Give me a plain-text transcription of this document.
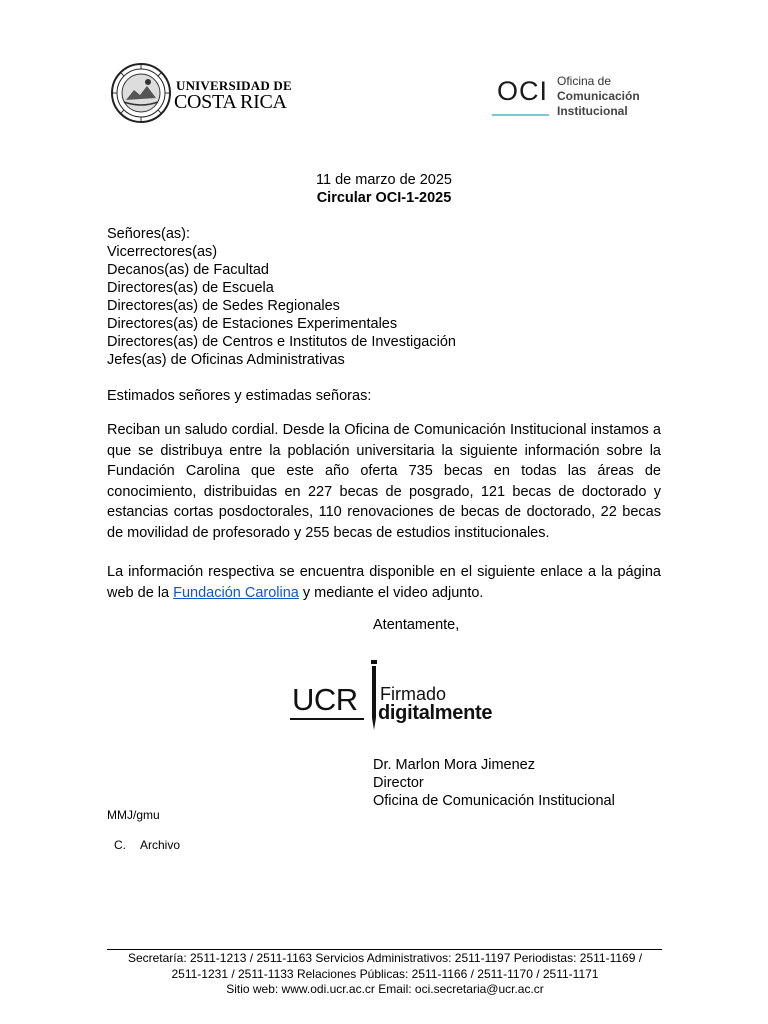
UNIVERSIDAD DE
COSTA RICA	OCI Oficina de
Comunicación
Institucional
11 de marzo de 2025
Circular OCI-1-2025
Señores(as):
Vicerrectores(as)
Decanos(as) de Facultad
Directores(as) de Escuela
Directores(as) de Sedes Regionales
Directores(as) de Estaciones Experimentales
Directores(as) de Centros e Institutos de Investigación
Jefes(as) de Oficinas Administrativas
Estimados señores y estimadas señoras:
Reciban un saludo cordial. Desde la Oficina de Comunicación Institucional instamos a que se distribuya entre la población universitaria la siguiente información sobre la Fundación Carolina que este año oferta 735 becas en todas las áreas de conocimiento, distribuidas en 227 becas de posgrado, 121 becas de doctorado y estancias cortas posdoctorales, 110 renovaciones de becas de doctorado, 22 becas de movilidad de profesorado y 255 becas de estudios institucionales.
La información respectiva se encuentra disponible en el siguiente enlace a la página web de la Fundación Carolina y mediante el video adjunto.
Atentamente,
UCR Firmado
digitalmente
Dr. Marlon Mora Jimenez
Director
Oficina de Comunicación Institucional
MMJ/gmu
C. Archivo
Secretaría: 2511-1213 / 2511-1163 Servicios Administrativos: 2511-1197 Periodistas: 2511-1169 /
2511-1231 / 2511-1133 Relaciones Públicas: 2511-1166 / 2511-1170 / 2511-1171
Sitio web: www.odi.ucr.ac.cr Email: oci.secretaria@ucr.ac.cr
